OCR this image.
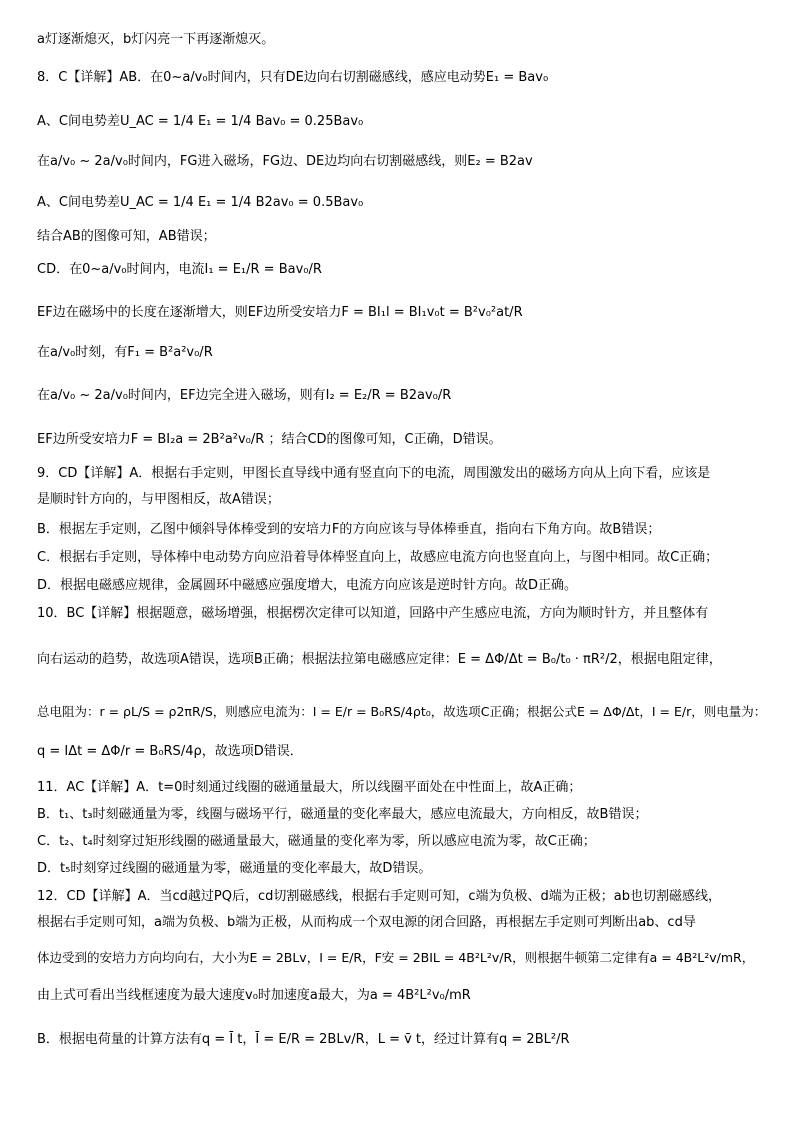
a灯逐渐熄灭，b灯闪亮一下再逐渐熄灭。
8．C【详解】AB．在0~a/v₀时间内，只有DE边向右切割磁感线，感应电动势E₁ = Bav₀
A、C间电势差U_AC = 1/4 E₁ = 1/4 Bav₀ = 0.25Bav₀
在a/v₀ ~ 2a/v₀时间内，FG进入磁场，FG边、DE边均向右切割磁感线，则E₂ = B2av
A、C间电势差U_AC = 1/4 E₁ = 1/4 B2av₀ = 0.5Bav₀
结合AB的图像可知，AB错误；
CD．在0~a/v₀时间内，电流I₁ = E₁/R = Bav₀/R
EF边在磁场中的长度在逐渐增大，则EF边所受安培力F = BI₁l = BI₁v₀t = B²v₀²at/R
在a/v₀时刻，有F₁ = B²a²v₀/R
在a/v₀ ~ 2a/v₀时间内，EF边完全进入磁场，则有I₂ = E₂/R = B2av₀/R
EF边所受安培力F = BI₂a = 2B²a²v₀/R ；结合CD的图像可知，C正确，D错误。
9．CD【详解】A．根据右手定则，甲图长直导线中通有竖直向下的电流，周围激发出的磁场方向从上向下看，应该是
是顺时针方向的，与甲图相反，故A错误；
B．根据左手定则，乙图中倾斜导体棒受到的安培力F的方向应该与导体棒垂直，指向右下角方向。故B错误；
C．根据右手定则，导体棒中电动势方向应沿着导体棒竖直向上，故感应电流方向也竖直向上，与图中相同。故C正确；
D．根据电磁感应规律，金属圆环中磁感应强度增大，电流方向应该是逆时针方向。故D正确。
10．BC【详解】根据题意，磁场增强，根据楞次定律可以知道，回路中产生感应电流，方向为顺时针方，并且整体有
向右运动的趋势，故选项A错误，选项B正确；根据法拉第电磁感应定律：E = ΔΦ/Δt = B₀/t₀ · πR²/2，根据电阻定律，
总电阻为：r = ρL/S = ρ2πR/S，则感应电流为：I = E/r = B₀RS/4ρt₀，故选项C正确；根据公式E = ΔΦ/Δt，I = E/r，则电量为：
q = IΔt = ΔΦ/r = B₀RS/4ρ，故选项D错误．
11．AC【详解】A．t=0时刻通过线圈的磁通量最大，所以线圈平面处在中性面上，故A正确；
B．t₁、t₃时刻磁通量为零，线圈与磁场平行，磁通量的变化率最大，感应电流最大，方向相反，故B错误；
C．t₂、t₄时刻穿过矩形线圈的磁通量最大，磁通量的变化率为零，所以感应电流为零，故C正确；
D．t₅时刻穿过线圈的磁通量为零，磁通量的变化率最大，故D错误。
12．CD【详解】A．当cd越过PQ后，cd切割磁感线，根据右手定则可知，c端为负极、d端为正极；ab也切割磁感线，
根据右手定则可知，a端为负极、b端为正极，从而构成一个双电源的闭合回路，再根据左手定则可判断出ab、cd导
体边受到的安培力方向均向右，大小为E = 2BLv，I = E/R，F安 = 2BIL = 4B²L²v/R，则根据牛顿第二定律有a = 4B²L²v/mR，
由上式可看出当线框速度为最大速度v₀时加速度a最大，为a = 4B²L²v₀/mR
B．根据电荷量的计算方法有q = Ī t，Ī = E/R = 2BLv/R，L = v̄ t，经过计算有q = 2BL²/R
